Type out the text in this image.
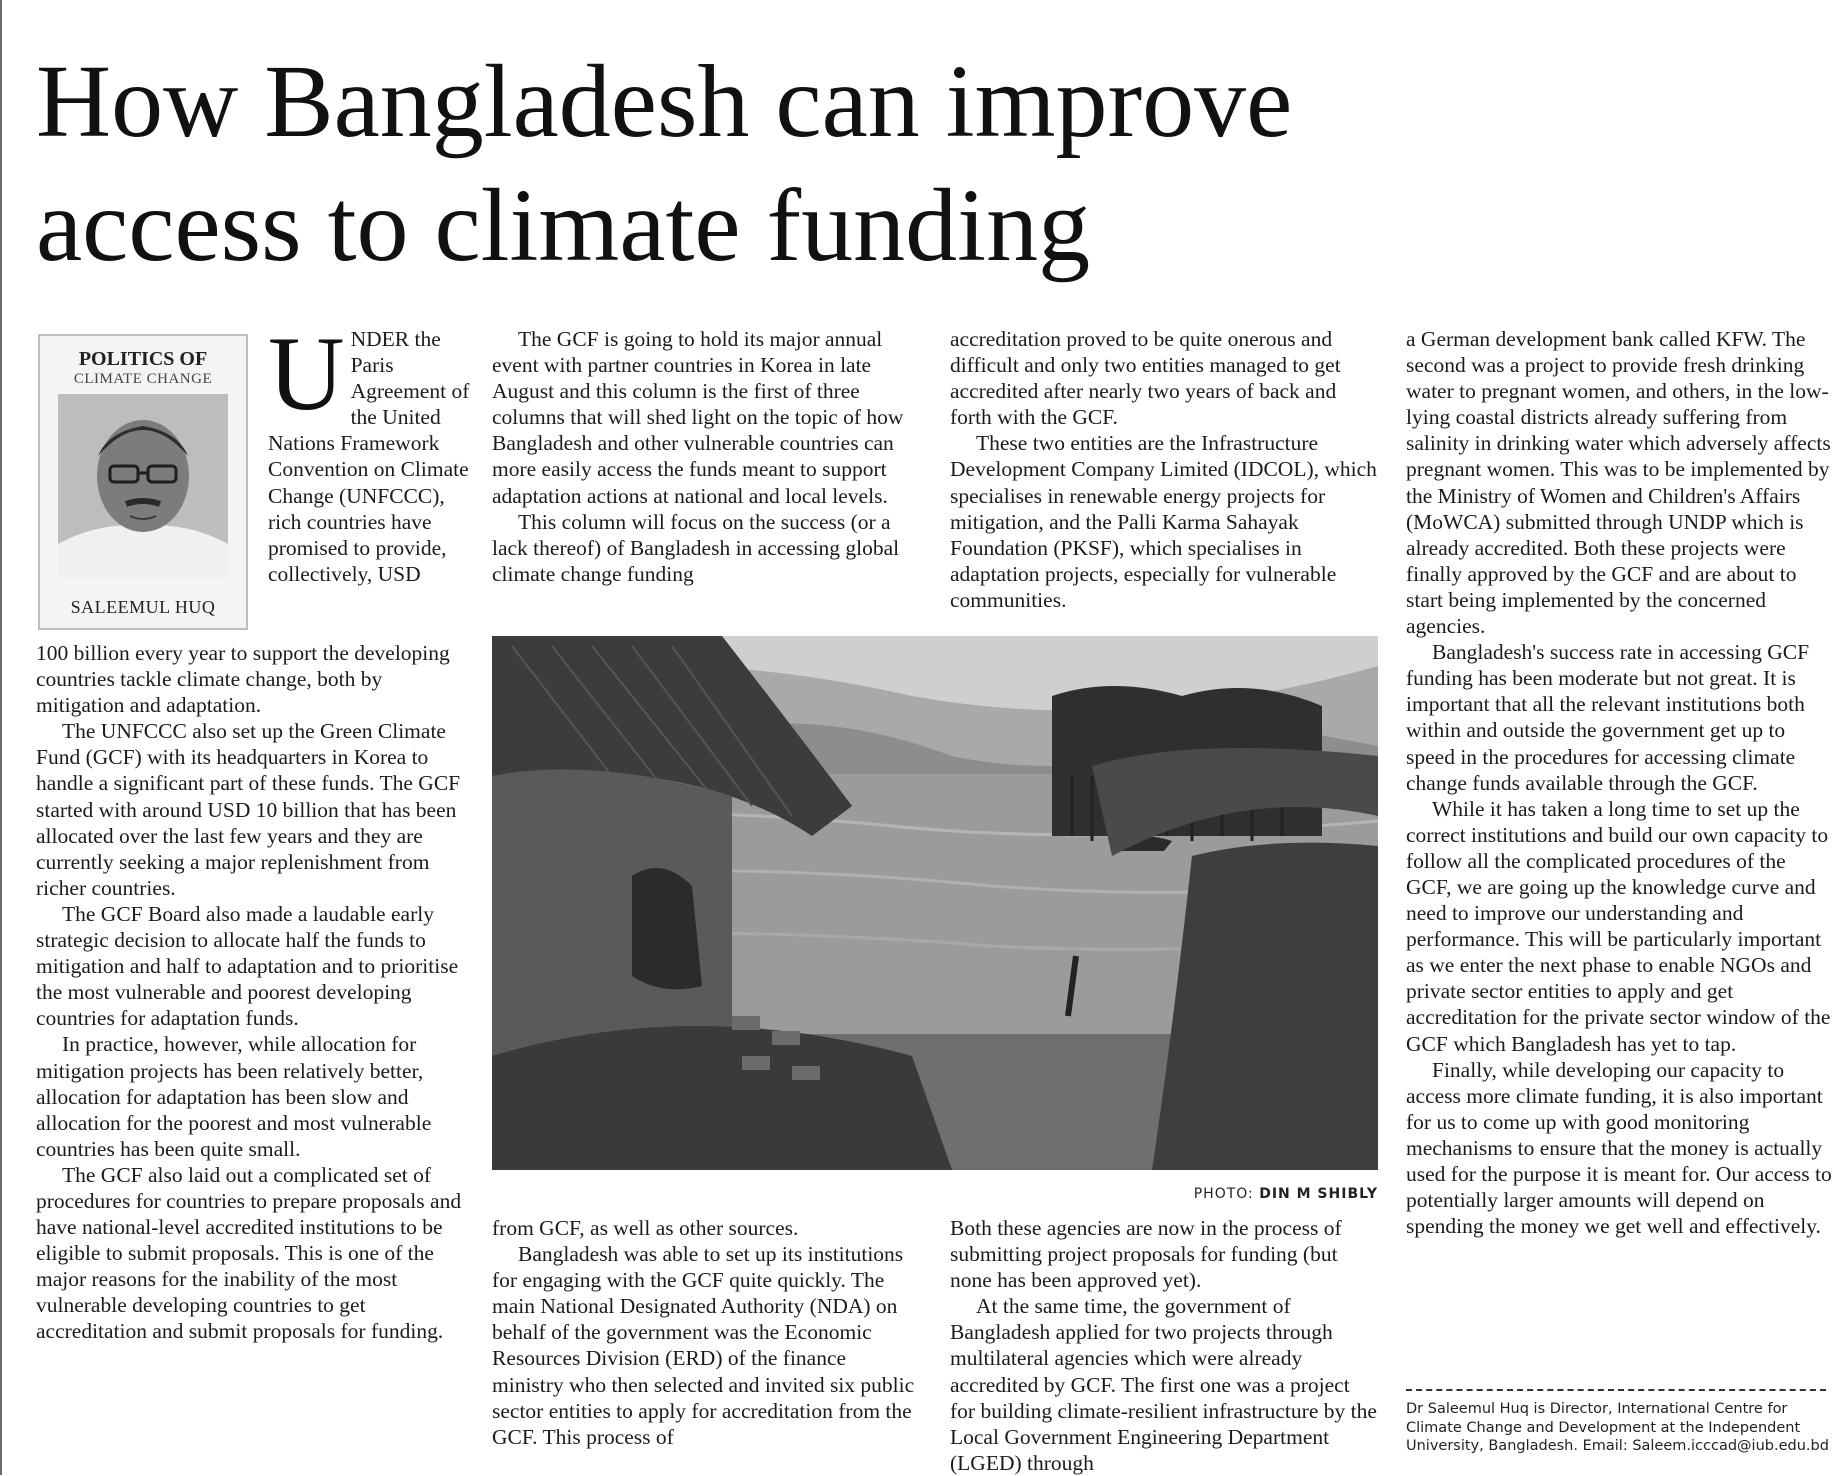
How Bangladesh can improve
access to climate funding
POLITICS OF
CLIMATE CHANGE
SALEEMUL HUQ
UNDER the Paris Agreement of the United Nations Framework Convention on Climate Change (UNFCCC), rich countries have promised to provide, collectively, USD

100 billion every year to support the developing countries tackle climate change, both by mitigation and adaptation.

The UNFCCC also set up the Green Climate Fund (GCF) with its headquarters in Korea to handle a significant part of these funds. The GCF started with around USD 10 billion that has been allocated over the last few years and they are currently seeking a major replenishment from richer countries.

The GCF Board also made a laudable early strategic decision to allocate half the funds to mitigation and half to adaptation and to prioritise the most vulnerable and poorest developing countries for adaptation funds.

In practice, however, while allocation for mitigation projects has been relatively better, allocation for adaptation has been slow and allocation for the poorest and most vulnerable countries has been quite small.

The GCF also laid out a complicated set of procedures for countries to prepare proposals and have national-level accredited institutions to be eligible to submit proposals. This is one of the major reasons for the inability of the most vulnerable developing countries to get accreditation and submit proposals for funding.

The GCF is going to hold its major annual event with partner countries in Korea in late August and this column is the first of three columns that will shed light on the topic of how Bangladesh and other vulnerable countries can more easily access the funds meant to support adaptation actions at national and local levels.

This column will focus on the success (or a lack thereof) of Bangladesh in accessing global climate change funding

accreditation proved to be quite onerous and difficult and only two entities managed to get accredited after nearly two years of back and forth with the GCF.

These two entities are the Infrastructure Development Company Limited (IDCOL), which specialises in renewable energy projects for mitigation, and the Palli Karma Sahayak Foundation (PKSF), which specialises in adaptation projects, especially for vulnerable communities.

PHOTO: DIN M SHIBLY

from GCF, as well as other sources.

Bangladesh was able to set up its institutions for engaging with the GCF quite quickly. The main National Designated Authority (NDA) on behalf of the government was the Economic Resources Division (ERD) of the finance ministry who then selected and invited six public sector entities to apply for accreditation from the GCF. This process of

Both these agencies are now in the process of submitting project proposals for funding (but none has been approved yet).

At the same time, the government of Bangladesh applied for two projects through multilateral agencies which were already accredited by GCF. The first one was a project for building climate-resilient infrastructure by the Local Government Engineering Department (LGED) through

a German development bank called KFW. The second was a project to provide fresh drinking water to pregnant women, and others, in the low-lying coastal districts already suffering from salinity in drinking water which adversely affects pregnant women. This was to be implemented by the Ministry of Women and Children's Affairs (MoWCA) submitted through UNDP which is already accredited. Both these projects were finally approved by the GCF and are about to start being implemented by the concerned agencies.

Bangladesh's success rate in accessing GCF funding has been moderate but not great. It is important that all the relevant institutions both within and outside the government get up to speed in the procedures for accessing climate change funds available through the GCF.

While it has taken a long time to set up the correct institutions and build our own capacity to follow all the complicated procedures of the GCF, we are going up the knowledge curve and need to improve our understanding and performance. This will be particularly important as we enter the next phase to enable NGOs and private sector entities to apply and get accreditation for the private sector window of the GCF which Bangladesh has yet to tap.

Finally, while developing our capacity to access more climate funding, it is also important for us to come up with good monitoring mechanisms to ensure that the money is actually used for the purpose it is meant for. Our access to potentially larger amounts will depend on spending the money we get well and effectively.

Dr Saleemul Huq is Director, International Centre for Climate Change and Development at the Independent University, Bangladesh. Email: Saleem.icccad@iub.edu.bd
